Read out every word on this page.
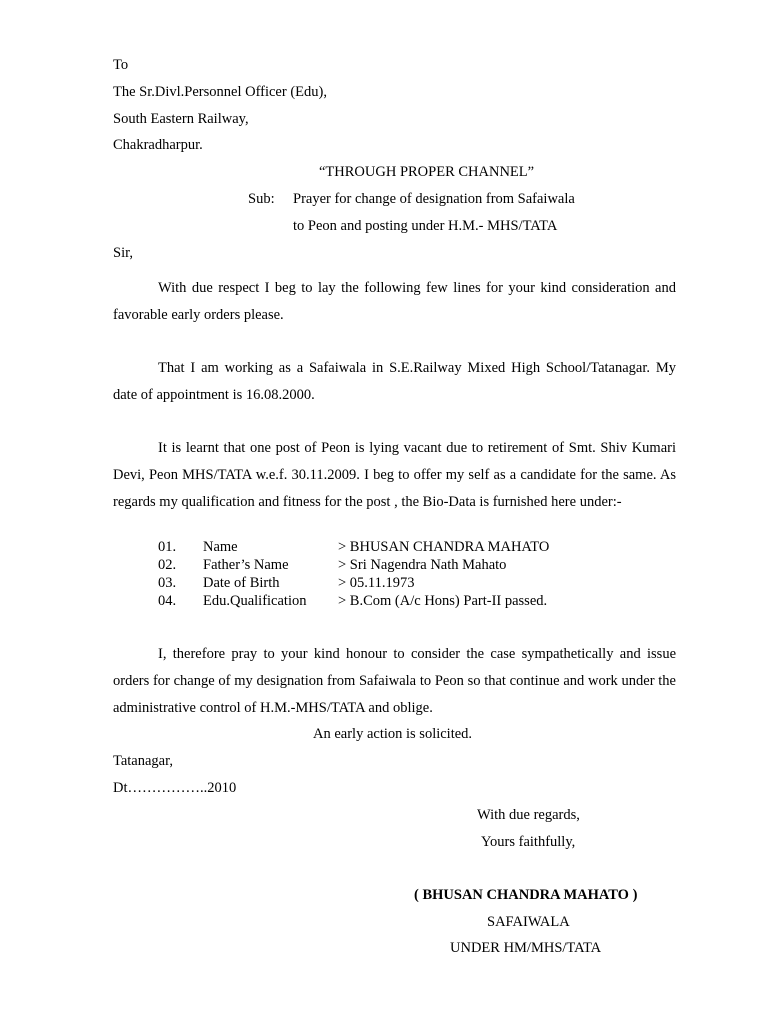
To
The Sr.Divl.Personnel Officer (Edu),
South Eastern Railway,
Chakradharpur.
“THROUGH PROPER CHANNEL”
Sub: Prayer for change of designation from Safaiwala
to Peon and posting under H.M.- MHS/TATA
Sir,
With due respect I beg to lay the following few lines for your kind consideration and favorable early orders please.
That I am working as a Safaiwala in S.E.Railway Mixed High School/Tatanagar. My date of appointment is 16.08.2000.
It is learnt that one post of Peon is lying vacant due to retirement of Smt. Shiv Kumari Devi, Peon MHS/TATA w.e.f. 30.11.2009. I beg to offer my self as a candidate for the same. As regards my qualification and fitness for the post , the Bio-Data is furnished here under:-
01. Name	> BHUSAN CHANDRA MAHATO
02. Father’s Name	> Sri Nagendra Nath Mahato
03. Date of Birth	> 05.11.1973
04. Edu.Qualification > B.Com (A/c Hons) Part-II passed.
I, therefore pray to your kind honour to consider the case sympathetically and issue orders for change of my designation from Safaiwala to Peon so that continue and work under the administrative control of H.M.-MHS/TATA and oblige.
An early action is solicited.
Tatanagar,
Dt……………..2010
With due regards,
Yours faithfully,
( BHUSAN CHANDRA MAHATO )
SAFAIWALA
UNDER HM/MHS/TATA
